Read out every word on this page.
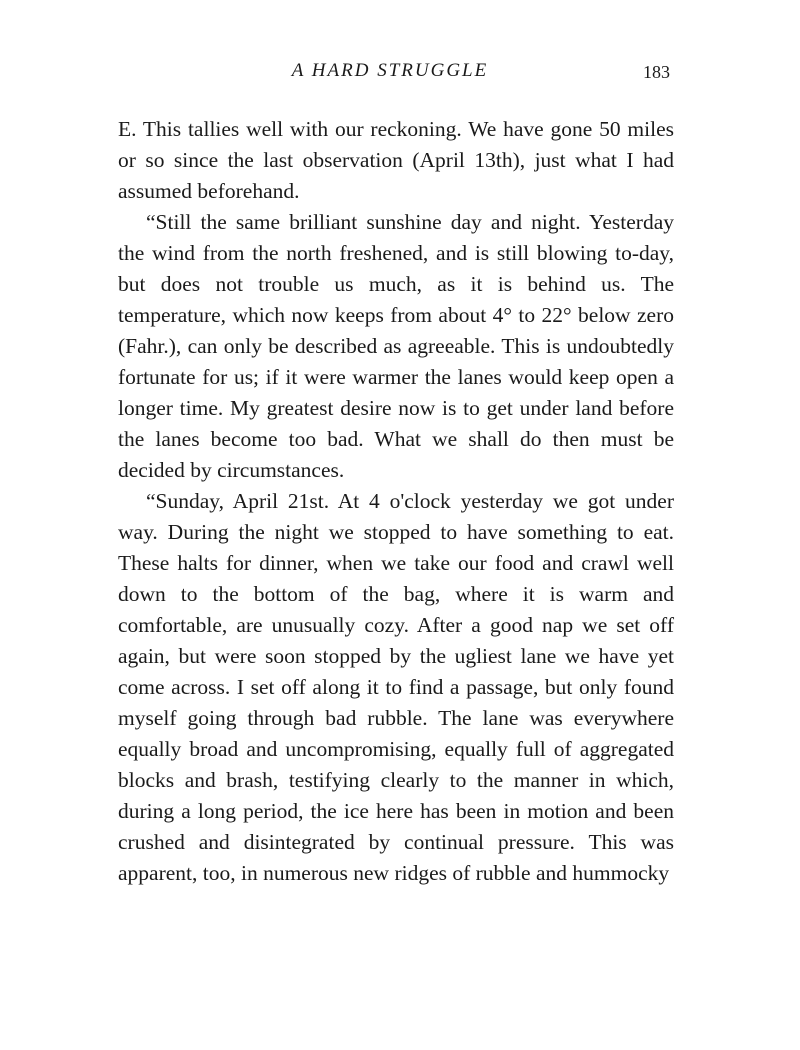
A HARD STRUGGLE	183

E. This tallies well with our reckoning. We have gone 50 miles or so since the last observation (April 13th), just what I had assumed beforehand.

“Still the same brilliant sunshine day and night. Yesterday the wind from the north freshened, and is still blowing to-day, but does not trouble us much, as it is behind us. The temperature, which now keeps from about 4° to 22° below zero (Fahr.), can only be described as agreeable. This is undoubtedly fortunate for us; if it were warmer the lanes would keep open a longer time. My greatest desire now is to get under land before the lanes become too bad. What we shall do then must be decided by circumstances.

“Sunday, April 21st. At 4 o'clock yesterday we got under way. During the night we stopped to have something to eat. These halts for dinner, when we take our food and crawl well down to the bottom of the bag, where it is warm and comfortable, are unusually cozy. After a good nap we set off again, but were soon stopped by the ugliest lane we have yet come across. I set off along it to find a passage, but only found myself going through bad rubble. The lane was everywhere equally broad and uncompromising, equally full of aggregated blocks and brash, testifying clearly to the manner in which, during a long period, the ice here has been in motion and been crushed and disintegrated by continual pressure. This was apparent, too, in numerous new ridges of rubble and hummocky
